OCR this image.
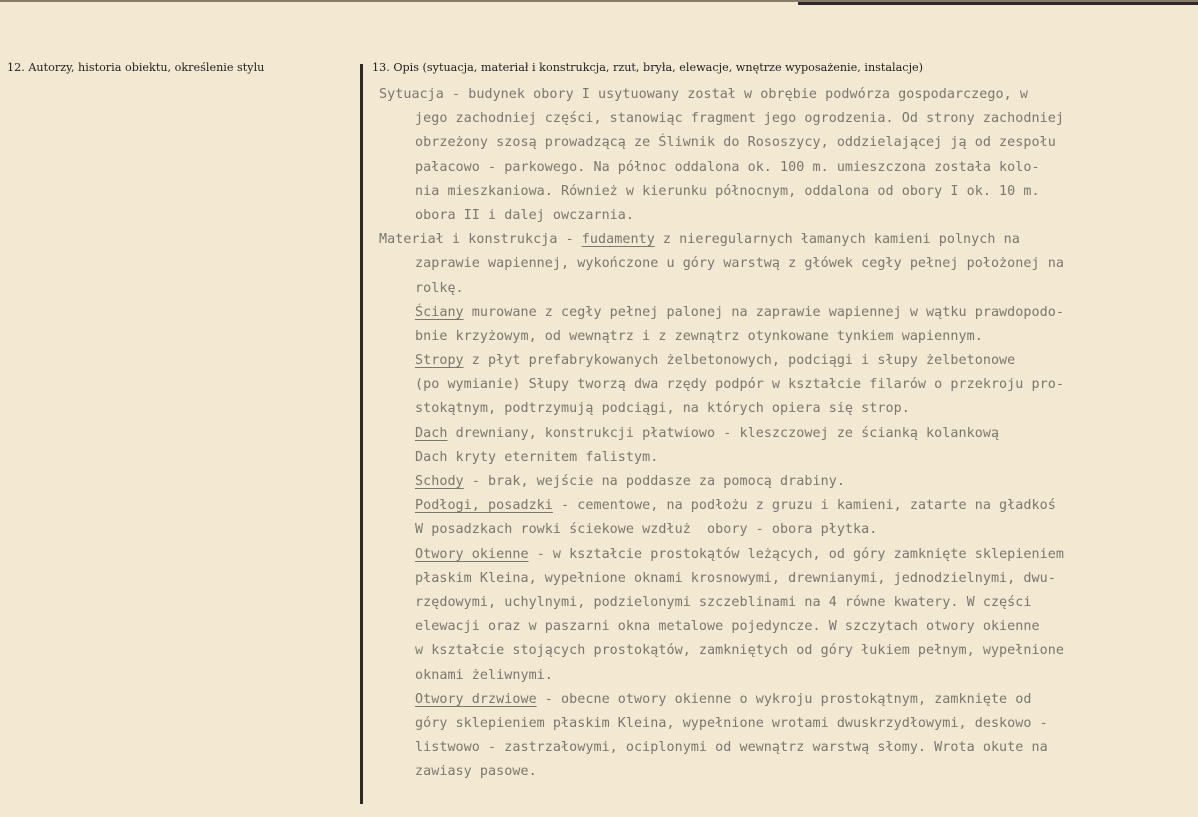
12. Autorzy, historia obiektu, określenie stylu	13. Opis (sytuacja, materiał i konstrukcja, rzut, bryła, elewacje, wnętrze wyposażenie, instalacje)
Sytuacja - budynek obory I usytuowany został w obrębie podwórza gospodarczego, w
jego zachodniej części, stanowiąc fragment jego ogrodzenia. Od strony zachodniej
obrzeżony szosą prowadzącą ze Śliwnik do Rososzycy, oddzielającej ją od zespołu
pałacowo - parkowego. Na północ oddalona ok. 100 m. umieszczona została kolo-
nia mieszkaniowa. Również w kierunku północnym, oddalona od obory I ok. 10 m.
obora II i dalej owczarnia.
Materiał i konstrukcja - fudamenty z nieregularnych łamanych kamieni polnych na
zaprawie wapiennej, wykończone u góry warstwą z główek cegły pełnej położonej na
rolkę.
Ściany murowane z cegły pełnej palonej na zaprawie wapiennej w wątku prawdopodo-
bnie krzyżowym, od wewnątrz i z zewnątrz otynkowane tynkiem wapiennym.
Stropy z płyt prefabrykowanych żelbetonowych, podciągi i słupy żelbetonowe
(po wymianie) Słupy tworzą dwa rzędy podpór w kształcie filarów o przekroju pro-
stokątnym, podtrzymują podciągi, na których opiera się strop.
Dach drewniany, konstrukcji płatwiowo - kleszczowej ze ścianką kolankową
Dach kryty eternitem falistym.
Schody - brak, wejście na poddasze za pomocą drabiny.
Podłogi, posadzki - cementowe, na podłożu z gruzu i kamieni, zatarte na gładkoś
W posadzkach rowki ściekowe wzdłuż  obory - obora płytka.
Otwory okienne - w kształcie prostokątów leżących, od góry zamknięte sklepieniem
płaskim Kleina, wypełnione oknami krosnowymi, drewnianymi, jednodzielnymi, dwu-
rzędowymi, uchylnymi, podzielonymi szczeblinami na 4 równe kwatery. W części
elewacji oraz w paszarni okna metalowe pojedyncze. W szczytach otwory okienne
w kształcie stojących prostokątów, zamkniętych od góry łukiem pełnym, wypełnione
oknami żeliwnymi.
Otwory drzwiowe - obecne otwory okienne o wykroju prostokątnym, zamknięte od
góry sklepieniem płaskim Kleina, wypełnione wrotami dwuskrzydłowymi, deskowo -
listwowo - zastrzałowymi, ociplonymi od wewnątrz warstwą słomy. Wrota okute na
zawiasy pasowe.
